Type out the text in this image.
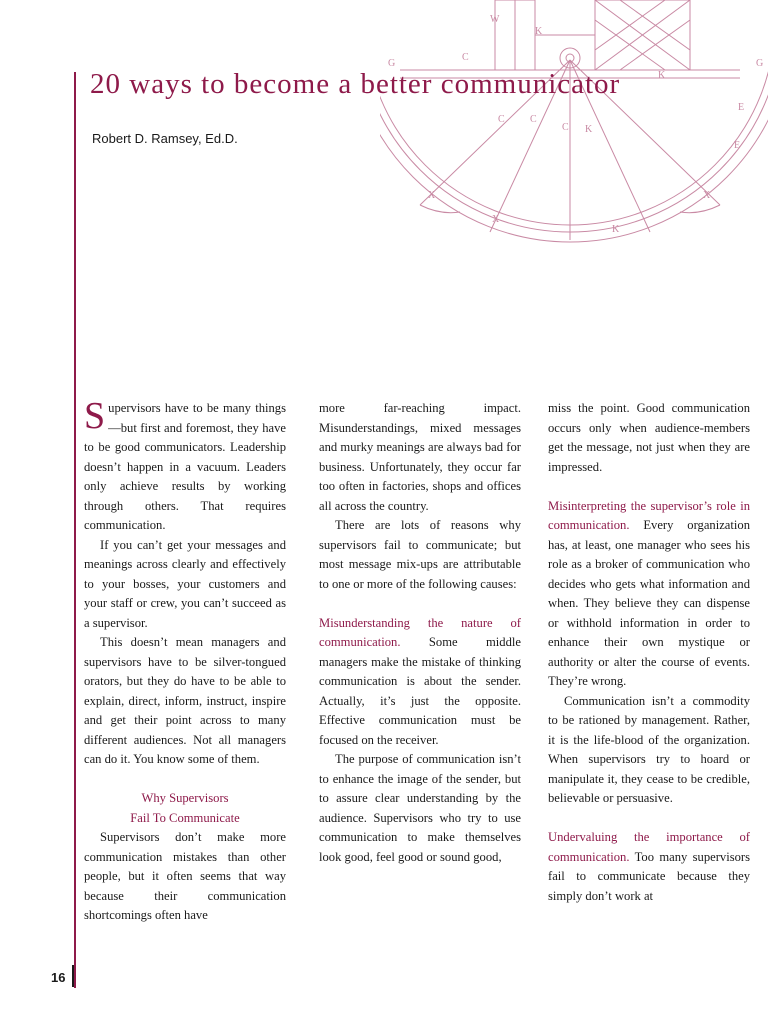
G
W
K
C
C
K
K
C
C
E
X	X
X
E
K
G
20 ways to become a better communicator

Robert D. Ramsey, Ed.D.

Supervisors have to be many things—but first and foremost, they have to be good communicators. Leadership doesn’t happen in a vacuum. Leaders only achieve results by working through others. That requires communication.

If you can’t get your messages and meanings across clearly and effectively to your bosses, your customers and your staff or crew, you can’t succeed as a supervisor.

This doesn’t mean managers and supervisors have to be silver-tongued orators, but they do have to be able to explain, direct, inform, instruct, inspire and get their point across to many different audiences. Not all managers can do it. You know some of them.

Why Supervisors
Fail To Communicate

Supervisors don’t make more communication mistakes than other people, but it often seems that way because their communication shortcomings often have

more far-reaching impact. Misunderstandings, mixed messages and murky meanings are always bad for business. Unfortunately, they occur far too often in factories, shops and offices all across the country.

There are lots of reasons why supervisors fail to communicate; but most message mix-ups are attributable to one or more of the following causes:

Misunderstanding the nature of communication. Some middle managers make the mistake of thinking communication is about the sender. Actually, it’s just the opposite. Effective communication must be focused on the receiver.

The purpose of communication isn’t to enhance the image of the sender, but to assure clear understanding by the audience. Supervisors who try to use communication to make themselves look good, feel good or sound good,

miss the point. Good communication occurs only when audience-members get the message, not just when they are impressed.

Misinterpreting the supervisor’s role in communication. Every organization has, at least, one manager who sees his role as a broker of communication who decides who gets what information and when. They believe they can dispense or withhold information in order to enhance their own mystique or authority or alter the course of events. They’re wrong.

Communication isn’t a commodity to be rationed by management. Rather, it is the life-blood of the organization. When supervisors try to hoard or manipulate it, they cease to be credible, believable or persuasive.

Undervaluing the importance of communication. Too many supervisors fail to communicate because they simply don’t work at

16
